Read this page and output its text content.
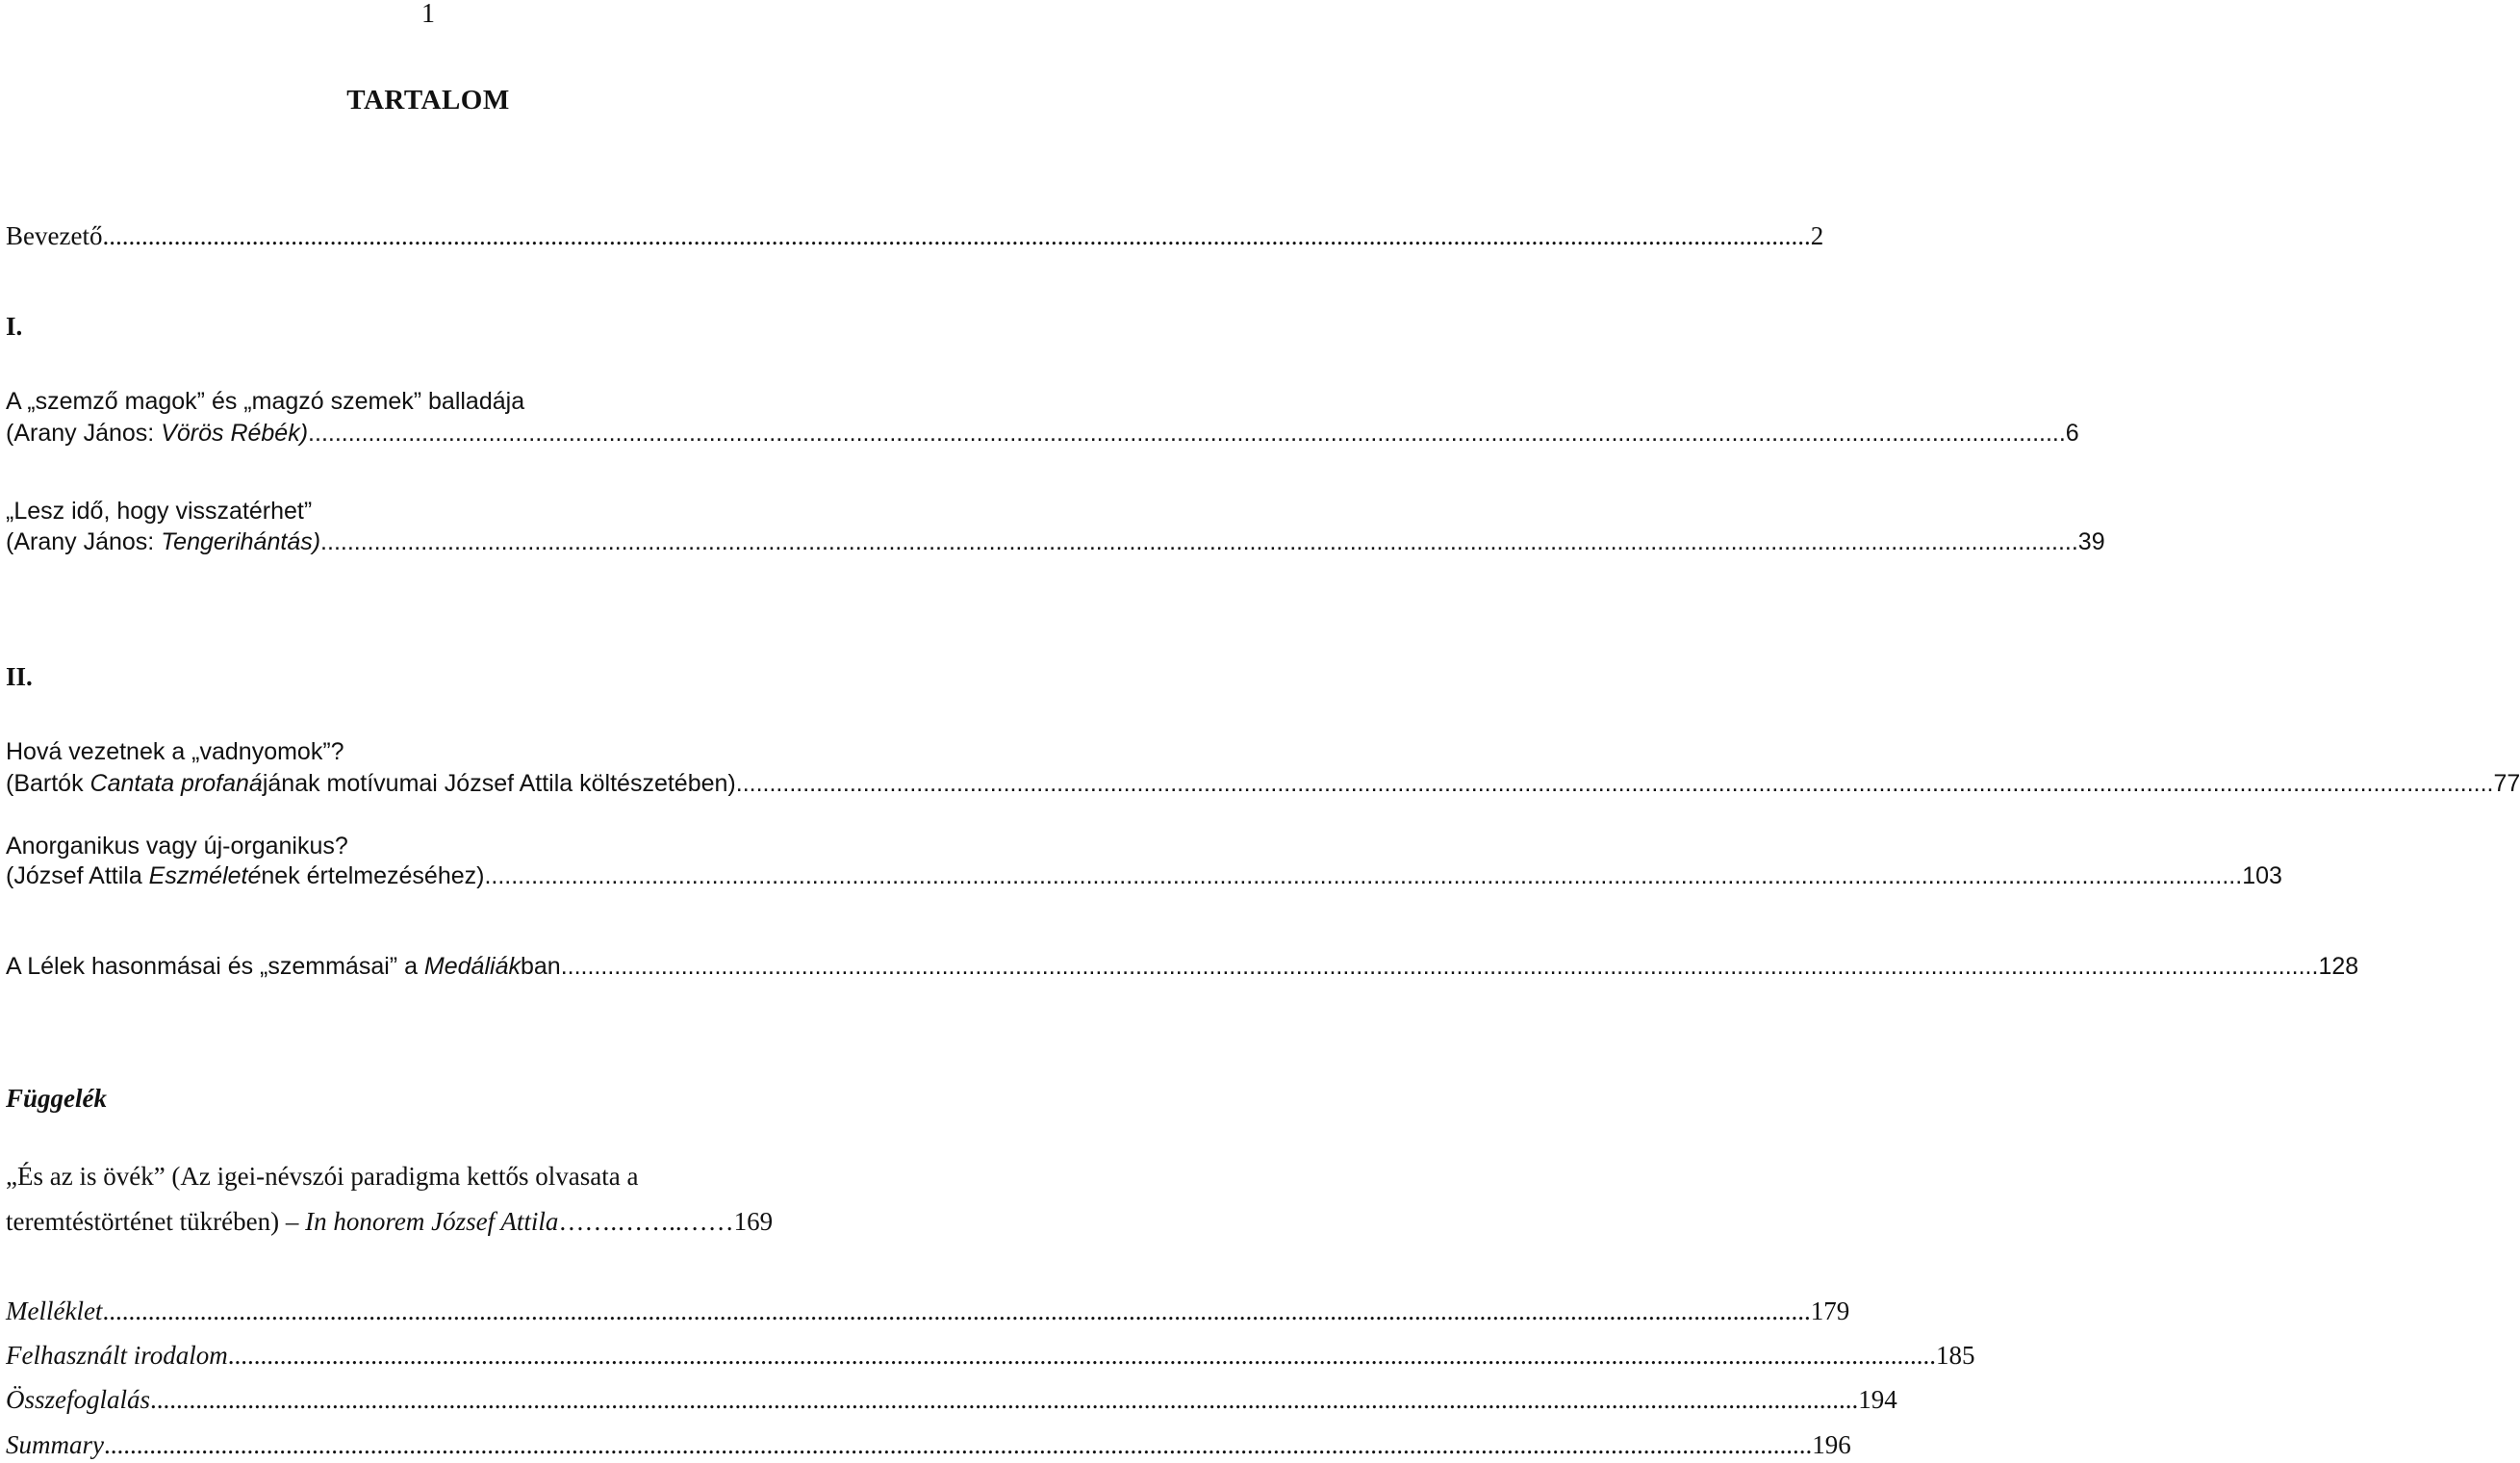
1
TARTALOM
Bevezető ....................................................................................................................................................................................................................................................................... 2
I.
A „szemző magok” és „magzó szemek” balladája
(Arany János: Vörös Rébék) ....................................................................................................................................................................................................................................................................... 6
„Lesz idő, hogy visszatérhet”
(Arany János: Tengerihántás) ....................................................................................................................................................................................................................................................................... 39
II.
Hová vezetnek a „vadnyomok”?
(Bartók Cantata profanájának motívumai József Attila költészetében) ....................................................................................................................................................................................................................................................................... 77
Anorganikus vagy új-organikus?
(József Attila Eszméletének értelmezéséhez) ....................................................................................................................................................................................................................................................................... 103
A Lélek hasonmásai és „szemmásai” a Medáliákban ....................................................................................................................................................................................................................................................................... 128
Függelék
„És az is övék” (Az igei-névszói paradigma kettős olvasata a
teremtéstörténet tükrében) – In honorem József Attila…….……..……169
Melléklet ....................................................................................................................................................................................................................................................................... 179
Felhasznált irodalom ....................................................................................................................................................................................................................................................................... 185
Összefoglalás ....................................................................................................................................................................................................................................................................... 194
Summary ....................................................................................................................................................................................................................................................................... 196
